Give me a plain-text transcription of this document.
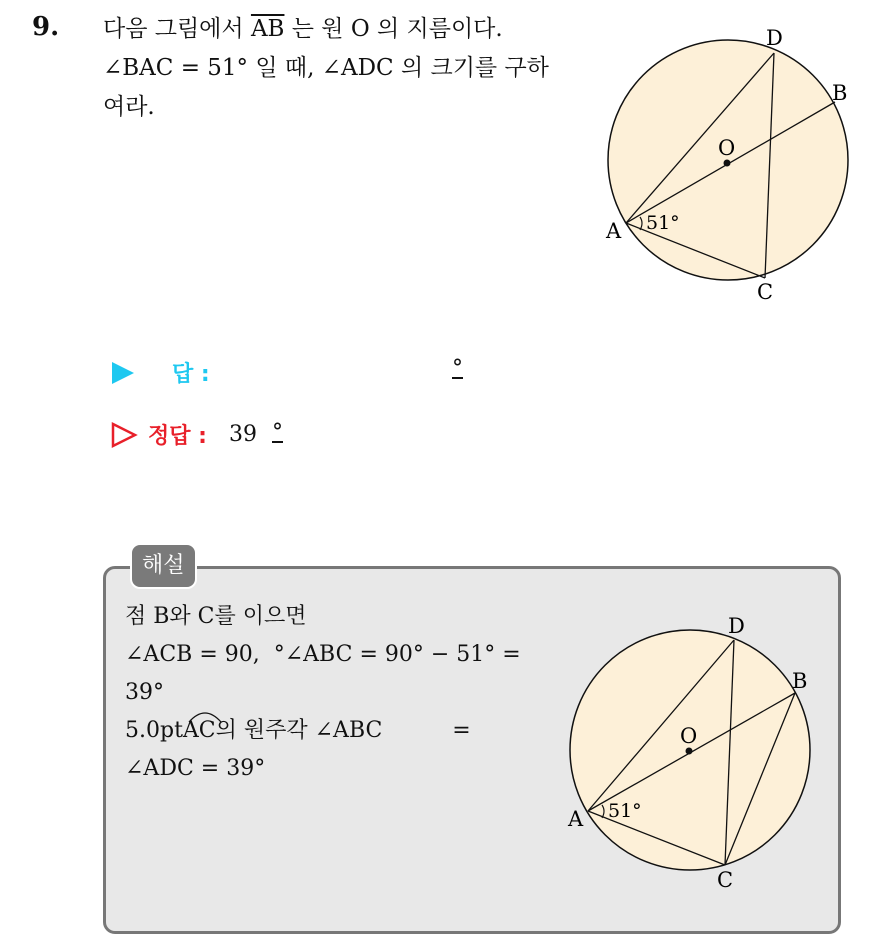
9. 다음 그림에서 $\overline{AB}$ 는 원 O 의 지름이다.
∠BAC = 51° 일 때, ∠ADC 의 크기를 구하
여라.
D
B
O
A
C
51°
답 :	°
정답 : 39 °
해설
점 B와 C를 이으면
∠ACB = 90,  °∠ABC = 90° − 51° =
39°
5.0ptAC의 원주각 ∠ABC          =
∠ADC = 39°
D
B
O
A
C
51°
